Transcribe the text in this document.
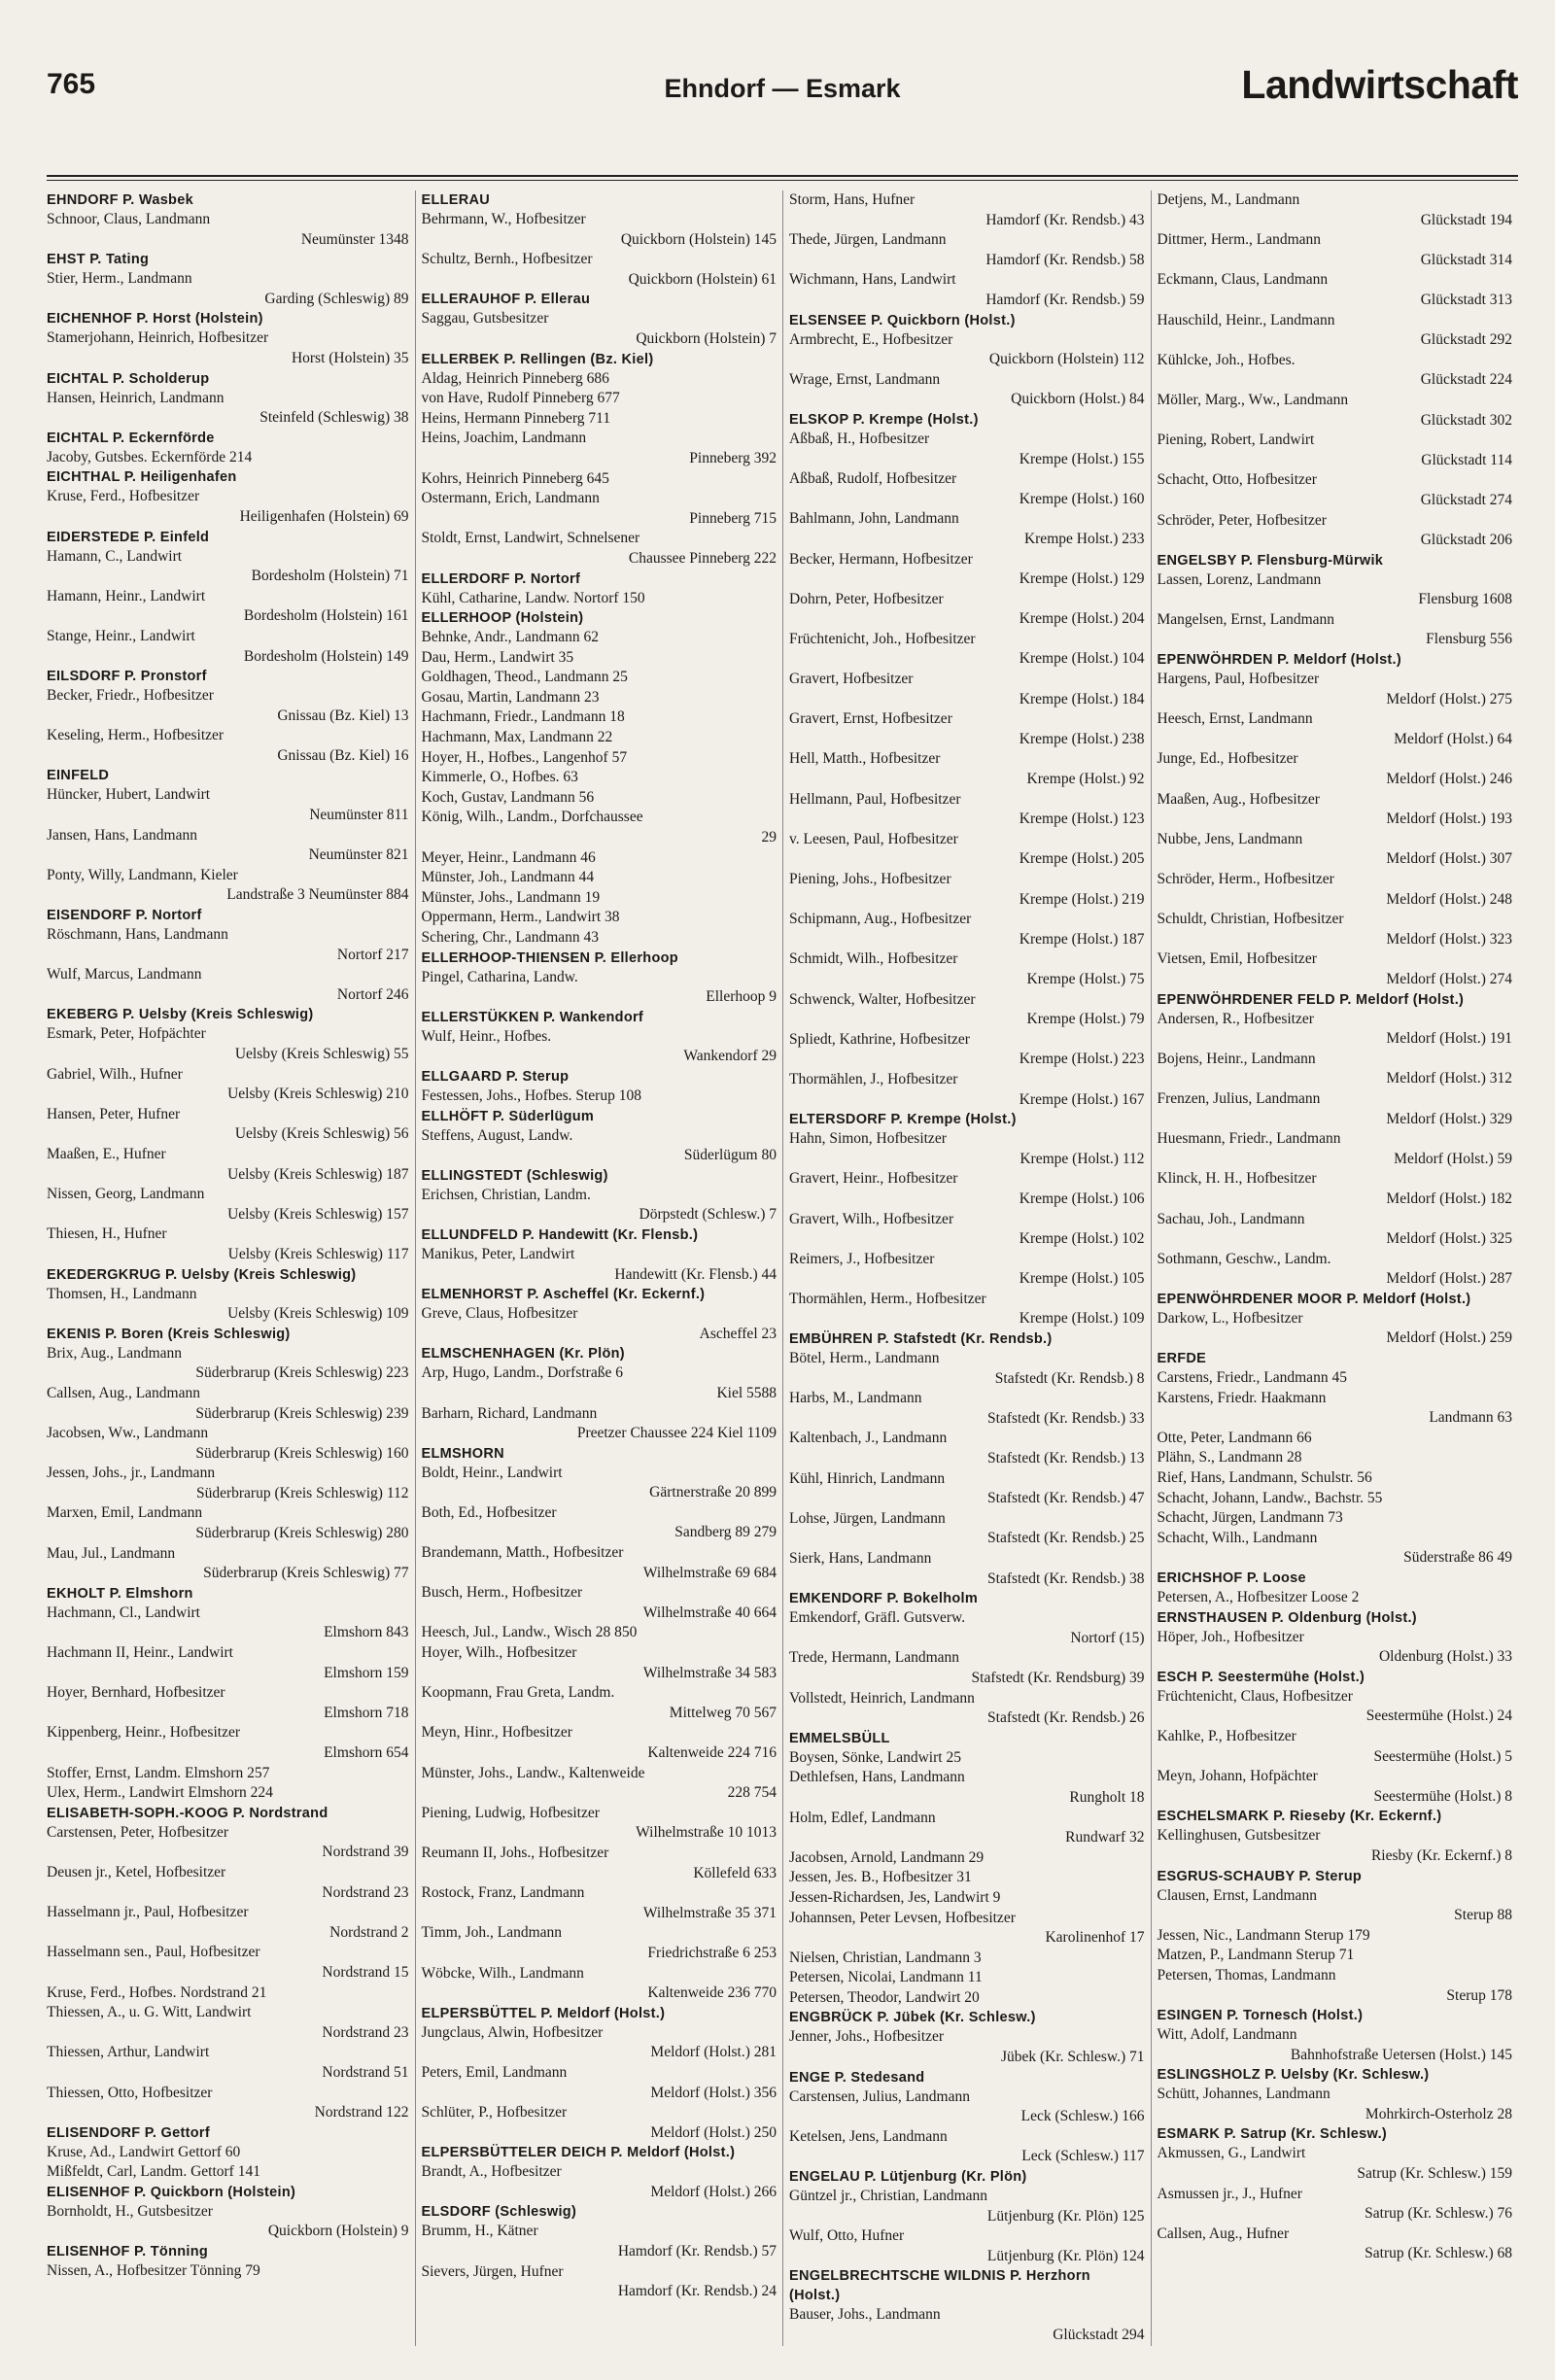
765	Ehndorf — Esmark	Landwirtschaft
EHNDORF P. Wasbek
Schnoor, Claus, Landmann
Neumünster 1348
EHST P. Tating
Stier, Herm., Landmann
Garding (Schleswig) 89
EICHENHOF P. Horst (Holstein)
Stamerjohann, Heinrich, Hofbesitzer
Horst (Holstein) 35
EICHTAL P. Scholderup
Hansen, Heinrich, Landmann
Steinfeld (Schleswig) 38
EICHTAL P. Eckernförde
Jacoby, Gutsbes. Eckernförde 214
EICHTHAL P. Heiligenhafen
Kruse, Ferd., Hofbesitzer
Heiligenhafen (Holstein) 69
EIDERSTEDE P. Einfeld
Hamann, C., Landwirt
Bordesholm (Holstein) 71
Hamann, Heinr., Landwirt
Bordesholm (Holstein) 161
Stange, Heinr., Landwirt
Bordesholm (Holstein) 149
EILSDORF P. Pronstorf
Becker, Friedr., Hofbesitzer
Gnissau (Bz. Kiel) 13
Keseling, Herm., Hofbesitzer
Gnissau (Bz. Kiel) 16
EINFELD
Hüncker, Hubert, Landwirt
Neumünster 811
Jansen, Hans, Landmann
Neumünster 821
Ponty, Willy, Landmann, Kieler
Landstraße 3 Neumünster 884
EISENDORF P. Nortorf
Röschmann, Hans, Landmann
Nortorf 217
Wulf, Marcus, Landmann
Nortorf 246
EKEBERG P. Uelsby (Kreis Schleswig)
Esmark, Peter, Hofpächter
Uelsby (Kreis Schleswig) 55
Gabriel, Wilh., Hufner
Uelsby (Kreis Schleswig) 210
Hansen, Peter, Hufner
Uelsby (Kreis Schleswig) 56
Maaßen, E., Hufner
Uelsby (Kreis Schleswig) 187
Nissen, Georg, Landmann
Uelsby (Kreis Schleswig) 157
Thiesen, H., Hufner
Uelsby (Kreis Schleswig) 117
EKEDERGKRUG P. Uelsby (Kreis Schleswig)
Thomsen, H., Landmann
Uelsby (Kreis Schleswig) 109
EKENIS P. Boren (Kreis Schleswig)
Brix, Aug., Landmann
Süderbrarup (Kreis Schleswig) 223
Callsen, Aug., Landmann
Süderbrarup (Kreis Schleswig) 239
Jacobsen, Ww., Landmann
Süderbrarup (Kreis Schleswig) 160
Jessen, Johs., jr., Landmann
Süderbrarup (Kreis Schleswig) 112
Marxen, Emil, Landmann
Süderbrarup (Kreis Schleswig) 280
Mau, Jul., Landmann
Süderbrarup (Kreis Schleswig) 77
EKHOLT P. Elmshorn
Hachmann, Cl., Landwirt
Elmshorn 843
Hachmann II, Heinr., Landwirt
Elmshorn 159
Hoyer, Bernhard, Hofbesitzer
Elmshorn 718
Kippenberg, Heinr., Hofbesitzer
Elmshorn 654
Stoffer, Ernst, Landm. Elmshorn 257
Ulex, Herm., Landwirt Elmshorn 224
ELISABETH-SOPH.-KOOG P. Nordstrand
Carstensen, Peter, Hofbesitzer
Nordstrand 39
Deusen jr., Ketel, Hofbesitzer
Nordstrand 23
Hasselmann jr., Paul, Hofbesitzer
Nordstrand 2
Hasselmann sen., Paul, Hofbesitzer
Nordstrand 15
Kruse, Ferd., Hofbes. Nordstrand 21
Thiessen, A., u. G. Witt, Landwirt
Nordstrand 23
Thiessen, Arthur, Landwirt
Nordstrand 51
Thiessen, Otto, Hofbesitzer
Nordstrand 122
ELISENDORF P. Gettorf
Kruse, Ad., Landwirt Gettorf 60
Mißfeldt, Carl, Landm. Gettorf 141
ELISENHOF P. Quickborn (Holstein)
Bornholdt, H., Gutsbesitzer
Quickborn (Holstein) 9
ELISENHOF P. Tönning
Nissen, A., Hofbesitzer Tönning 79
ELLERAU
Behrmann, W., Hofbesitzer
Quickborn (Holstein) 145
Schultz, Bernh., Hofbesitzer
Quickborn (Holstein) 61
ELLERAUHOF P. Ellerau
Saggau, Gutsbesitzer
Quickborn (Holstein) 7
ELLERBEK P. Rellingen (Bz. Kiel)
Aldag, Heinrich Pinneberg 686
von Have, Rudolf Pinneberg 677
Heins, Hermann Pinneberg 711
Heins, Joachim, Landmann
Pinneberg 392
Kohrs, Heinrich Pinneberg 645
Ostermann, Erich, Landmann
Pinneberg 715
Stoldt, Ernst, Landwirt, Schnelsener
Chaussee Pinneberg 222
ELLERDORF P. Nortorf
Kühl, Catharine, Landw. Nortorf 150
ELLERHOOP (Holstein)
Behnke, Andr., Landmann 62
Dau, Herm., Landwirt 35
Goldhagen, Theod., Landmann 25
Gosau, Martin, Landmann 23
Hachmann, Friedr., Landmann 18
Hachmann, Max, Landmann 22
Hoyer, H., Hofbes., Langenhof 57
Kimmerle, O., Hofbes. 63
Koch, Gustav, Landmann 56
König, Wilh., Landm., Dorfchaussee
29
Meyer, Heinr., Landmann 46
Münster, Joh., Landmann 44
Münster, Johs., Landmann 19
Oppermann, Herm., Landwirt 38
Schering, Chr., Landmann 43
ELLERHOOP-THIENSEN P. Ellerhoop
Pingel, Catharina, Landw.
Ellerhoop 9
ELLERSTÜKKEN P. Wankendorf
Wulf, Heinr., Hofbes.
Wankendorf 29
ELLGAARD P. Sterup
Festessen, Johs., Hofbes. Sterup 108
ELLHÖFT P. Süderlügum
Steffens, August, Landw.
Süderlügum 80
ELLINGSTEDT (Schleswig)
Erichsen, Christian, Landm.
Dörpstedt (Schlesw.) 7
ELLUNDFELD P. Handewitt (Kr. Flensb.)
Manikus, Peter, Landwirt
Handewitt (Kr. Flensb.) 44
ELMENHORST P. Ascheffel (Kr. Eckernf.)
Greve, Claus, Hofbesitzer
Ascheffel 23
ELMSCHENHAGEN (Kr. Plön)
Arp, Hugo, Landm., Dorfstraße 6
Kiel 5588
Barharn, Richard, Landmann
Preetzer Chaussee 224 Kiel 1109
ELMSHORN
Boldt, Heinr., Landwirt
Gärtnerstraße 20 899
Both, Ed., Hofbesitzer
Sandberg 89 279
Brandemann, Matth., Hofbesitzer
Wilhelmstraße 69 684
Busch, Herm., Hofbesitzer
Wilhelmstraße 40 664
Heesch, Jul., Landw., Wisch 28 850
Hoyer, Wilh., Hofbesitzer
Wilhelmstraße 34 583
Koopmann, Frau Greta, Landm.
Mittelweg 70 567
Meyn, Hinr., Hofbesitzer
Kaltenweide 224 716
Münster, Johs., Landw., Kaltenweide
228 754
Piening, Ludwig, Hofbesitzer
Wilhelmstraße 10 1013
Reumann II, Johs., Hofbesitzer
Köllefeld 633
Rostock, Franz, Landmann
Wilhelmstraße 35 371
Timm, Joh., Landmann
Friedrichstraße 6 253
Wöbcke, Wilh., Landmann
Kaltenweide 236 770
ELPERSBÜTTEL P. Meldorf (Holst.)
Jungclaus, Alwin, Hofbesitzer
Meldorf (Holst.) 281
Peters, Emil, Landmann
Meldorf (Holst.) 356
Schlüter, P., Hofbesitzer
Meldorf (Holst.) 250
ELPERSBÜTTELER DEICH P. Meldorf (Holst.)
Brandt, A., Hofbesitzer
Meldorf (Holst.) 266
ELSDORF (Schleswig)
Brumm, H., Kätner
Hamdorf (Kr. Rendsb.) 57
Sievers, Jürgen, Hufner
Hamdorf (Kr. Rendsb.) 24
Storm, Hans, Hufner
Hamdorf (Kr. Rendsb.) 43
Thede, Jürgen, Landmann
Hamdorf (Kr. Rendsb.) 58
Wichmann, Hans, Landwirt
Hamdorf (Kr. Rendsb.) 59
ELSENSEE P. Quickborn (Holst.)
Armbrecht, E., Hofbesitzer
Quickborn (Holstein) 112
Wrage, Ernst, Landmann
Quickborn (Holst.) 84
ELSKOP P. Krempe (Holst.)
Aßbaß, H., Hofbesitzer
Krempe (Holst.) 155
Aßbaß, Rudolf, Hofbesitzer
Krempe (Holst.) 160
Bahlmann, John, Landmann
Krempe Holst.) 233
Becker, Hermann, Hofbesitzer
Krempe (Holst.) 129
Dohrn, Peter, Hofbesitzer
Krempe (Holst.) 204
Früchtenicht, Joh., Hofbesitzer
Krempe (Holst.) 104
Gravert, Hofbesitzer
Krempe (Holst.) 184
Gravert, Ernst, Hofbesitzer
Krempe (Holst.) 238
Hell, Matth., Hofbesitzer
Krempe (Holst.) 92
Hellmann, Paul, Hofbesitzer
Krempe (Holst.) 123
v. Leesen, Paul, Hofbesitzer
Krempe (Holst.) 205
Piening, Johs., Hofbesitzer
Krempe (Holst.) 219
Schipmann, Aug., Hofbesitzer
Krempe (Holst.) 187
Schmidt, Wilh., Hofbesitzer
Krempe (Holst.) 75
Schwenck, Walter, Hofbesitzer
Krempe (Holst.) 79
Spliedt, Kathrine, Hofbesitzer
Krempe (Holst.) 223
Thormählen, J., Hofbesitzer
Krempe (Holst.) 167
ELTERSDORF P. Krempe (Holst.)
Hahn, Simon, Hofbesitzer
Krempe (Holst.) 112
Gravert, Heinr., Hofbesitzer
Krempe (Holst.) 106
Gravert, Wilh., Hofbesitzer
Krempe (Holst.) 102
Reimers, J., Hofbesitzer
Krempe (Holst.) 105
Thormählen, Herm., Hofbesitzer
Krempe (Holst.) 109
EMBÜHREN P. Stafstedt (Kr. Rendsb.)
Bötel, Herm., Landmann
Stafstedt (Kr. Rendsb.) 8
Harbs, M., Landmann
Stafstedt (Kr. Rendsb.) 33
Kaltenbach, J., Landmann
Stafstedt (Kr. Rendsb.) 13
Kühl, Hinrich, Landmann
Stafstedt (Kr. Rendsb.) 47
Lohse, Jürgen, Landmann
Stafstedt (Kr. Rendsb.) 25
Sierk, Hans, Landmann
Stafstedt (Kr. Rendsb.) 38
EMKENDORF P. Bokelholm
Emkendorf, Gräfl. Gutsverw.
Nortorf (15)
Trede, Hermann, Landmann
Stafstedt (Kr. Rendsburg) 39
Vollstedt, Heinrich, Landmann
Stafstedt (Kr. Rendsb.) 26
EMMELSBÜLL
Boysen, Sönke, Landwirt 25
Dethlefsen, Hans, Landmann
Rungholt 18
Holm, Edlef, Landmann
Rundwarf 32
Jacobsen, Arnold, Landmann 29
Jessen, Jes. B., Hofbesitzer 31
Jessen-Richardsen, Jes, Landwirt 9
Johannsen, Peter Levsen, Hofbesitzer
Karolinenhof 17
Nielsen, Christian, Landmann 3
Petersen, Nicolai, Landmann 11
Petersen, Theodor, Landwirt 20
ENGBRÜCK P. Jübek (Kr. Schlesw.)
Jenner, Johs., Hofbesitzer
Jübek (Kr. Schlesw.) 71
ENGE P. Stedesand
Carstensen, Julius, Landmann
Leck (Schlesw.) 166
Ketelsen, Jens, Landmann
Leck (Schlesw.) 117
ENGELAU P. Lütjenburg (Kr. Plön)
Güntzel jr., Christian, Landmann
Lütjenburg (Kr. Plön) 125
Wulf, Otto, Hufner
Lütjenburg (Kr. Plön) 124
ENGELBRECHTSCHE WILDNIS P. Herzhorn (Holst.)
Bauser, Johs., Landmann
Glückstadt 294
Detjens, M., Landmann
Glückstadt 194
Dittmer, Herm., Landmann
Glückstadt 314
Eckmann, Claus, Landmann
Glückstadt 313
Hauschild, Heinr., Landmann
Glückstadt 292
Kühlcke, Joh., Hofbes.
Glückstadt 224
Möller, Marg., Ww., Landmann
Glückstadt 302
Piening, Robert, Landwirt
Glückstadt 114
Schacht, Otto, Hofbesitzer
Glückstadt 274
Schröder, Peter, Hofbesitzer
Glückstadt 206
ENGELSBY P. Flensburg-Mürwik
Lassen, Lorenz, Landmann
Flensburg 1608
Mangelsen, Ernst, Landmann
Flensburg 556
EPENWÖHRDEN P. Meldorf (Holst.)
Hargens, Paul, Hofbesitzer
Meldorf (Holst.) 275
Heesch, Ernst, Landmann
Meldorf (Holst.) 64
Junge, Ed., Hofbesitzer
Meldorf (Holst.) 246
Maaßen, Aug., Hofbesitzer
Meldorf (Holst.) 193
Nubbe, Jens, Landmann
Meldorf (Holst.) 307
Schröder, Herm., Hofbesitzer
Meldorf (Holst.) 248
Schuldt, Christian, Hofbesitzer
Meldorf (Holst.) 323
Vietsen, Emil, Hofbesitzer
Meldorf (Holst.) 274
EPENWÖHRDENER FELD P. Meldorf (Holst.)
Andersen, R., Hofbesitzer
Meldorf (Holst.) 191
Bojens, Heinr., Landmann
Meldorf (Holst.) 312
Frenzen, Julius, Landmann
Meldorf (Holst.) 329
Huesmann, Friedr., Landmann
Meldorf (Holst.) 59
Klinck, H. H., Hofbesitzer
Meldorf (Holst.) 182
Sachau, Joh., Landmann
Meldorf (Holst.) 325
Sothmann, Geschw., Landm.
Meldorf (Holst.) 287
EPENWÖHRDENER MOOR P. Meldorf (Holst.)
Darkow, L., Hofbesitzer
Meldorf (Holst.) 259
ERFDE
Carstens, Friedr., Landmann 45
Karstens, Friedr. Haakmann
Landmann 63
Otte, Peter, Landmann 66
Plähn, S., Landmann 28
Rief, Hans, Landmann, Schulstr. 56
Schacht, Johann, Landw., Bachstr. 55
Schacht, Jürgen, Landmann 73
Schacht, Wilh., Landmann
Süderstraße 86 49
ERICHSHOF P. Loose
Petersen, A., Hofbesitzer Loose 2
ERNSTHAUSEN P. Oldenburg (Holst.)
Höper, Joh., Hofbesitzer
Oldenburg (Holst.) 33
ESCH P. Seestermühe (Holst.)
Früchtenicht, Claus, Hofbesitzer
Seestermühe (Holst.) 24
Kahlke, P., Hofbesitzer
Seestermühe (Holst.) 5
Meyn, Johann, Hofpächter
Seestermühe (Holst.) 8
ESCHELSMARK P. Rieseby (Kr. Eckernf.)
Kellinghusen, Gutsbesitzer
Riesby (Kr. Eckernf.) 8
ESGRUS-SCHAUBY P. Sterup
Clausen, Ernst, Landmann
Sterup 88
Jessen, Nic., Landmann Sterup 179
Matzen, P., Landmann Sterup 71
Petersen, Thomas, Landmann
Sterup 178
ESINGEN P. Tornesch (Holst.)
Witt, Adolf, Landmann
Bahnhofstraße Uetersen (Holst.) 145
ESLINGSHOLZ P. Uelsby (Kr. Schlesw.)
Schütt, Johannes, Landmann
Mohrkirch-Osterholz 28
ESMARK P. Satrup (Kr. Schlesw.)
Akmussen, G., Landwirt
Satrup (Kr. Schlesw.) 159
Asmussen jr., J., Hufner
Satrup (Kr. Schlesw.) 76
Callsen, Aug., Hufner
Satrup (Kr. Schlesw.) 68
